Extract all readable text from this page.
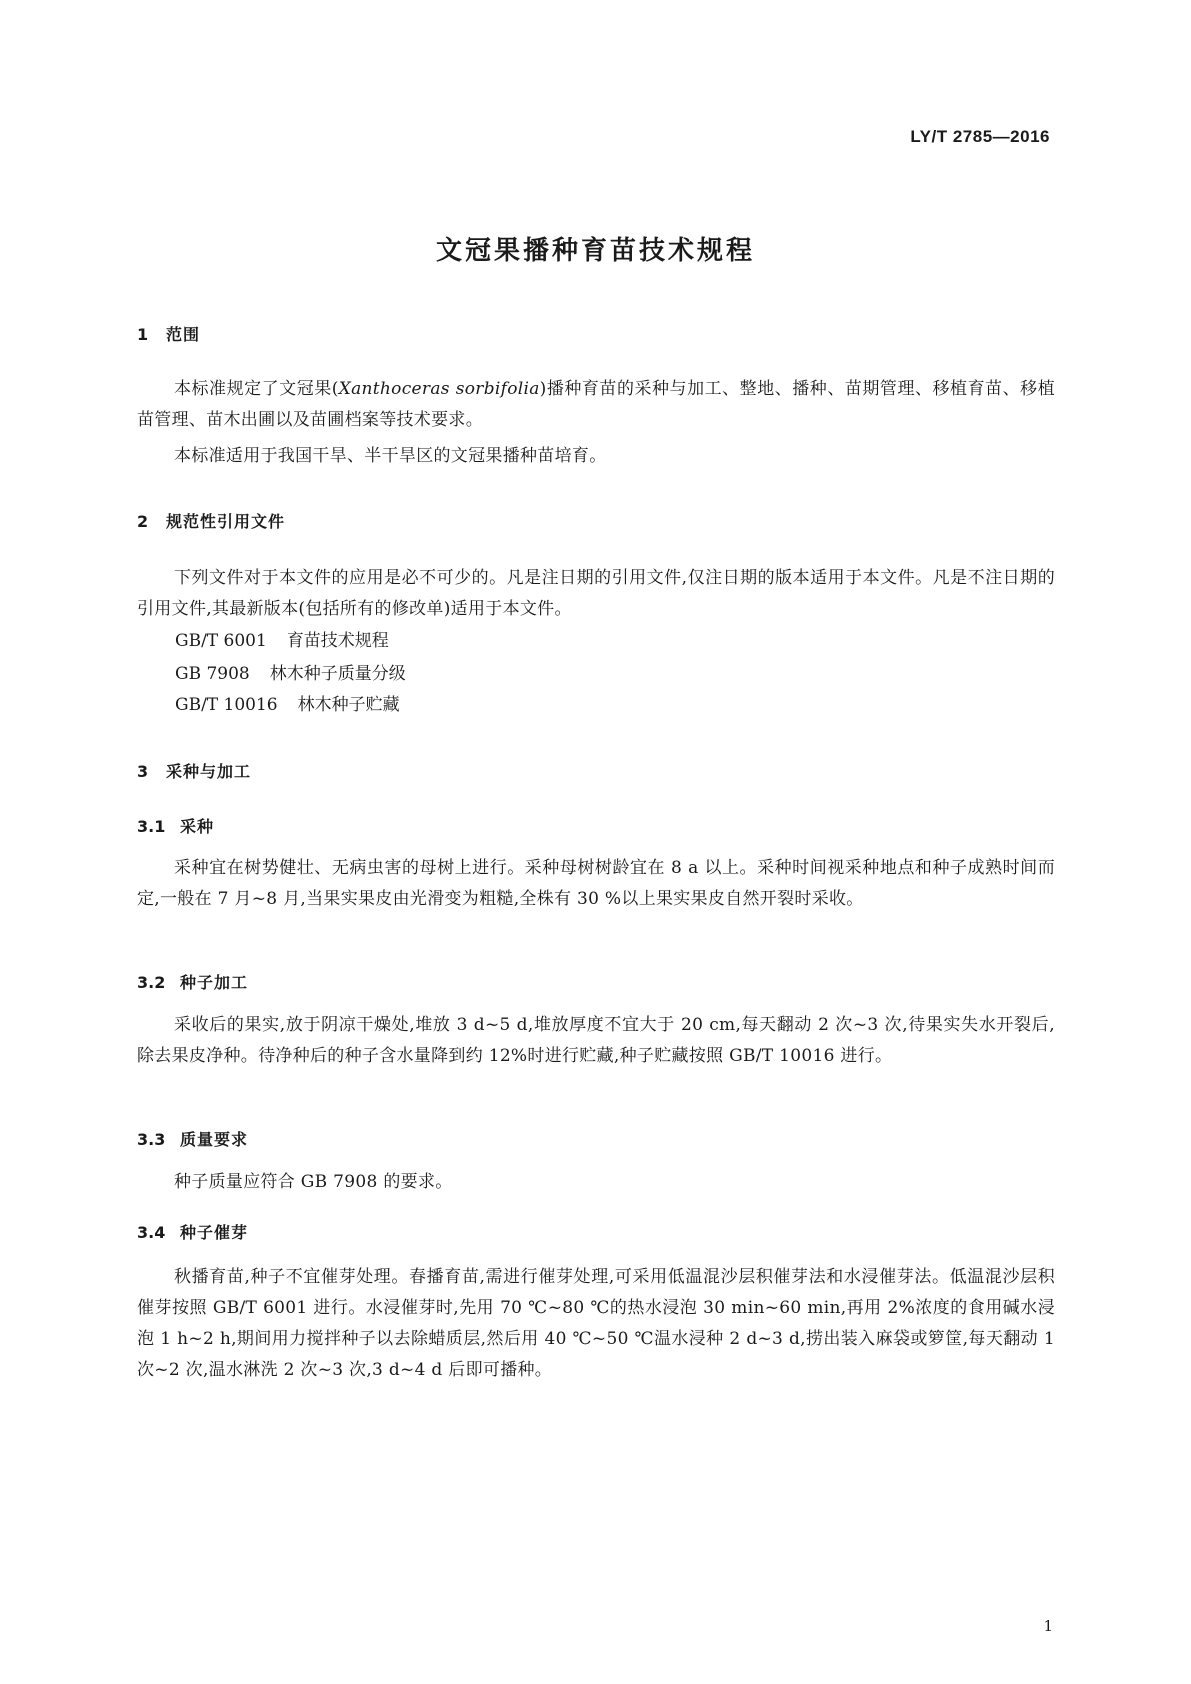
LY/T 2785—2016
文冠果播种育苗技术规程
1 范围
本标准规定了文冠果(Xanthoceras sorbifolia)播种育苗的采种与加工、整地、播种、苗期管理、移植育苗、移植苗管理、苗木出圃以及苗圃档案等技术要求。
本标准适用于我国干旱、半干旱区的文冠果播种苗培育。
2 规范性引用文件
下列文件对于本文件的应用是必不可少的。凡是注日期的引用文件,仅注日期的版本适用于本文件。凡是不注日期的引用文件,其最新版本(包括所有的修改单)适用于本文件。
GB/T 6001 育苗技术规程
GB 7908 林木种子质量分级
GB/T 10016 林木种子贮藏
3 采种与加工
3.1 采种
采种宜在树势健壮、无病虫害的母树上进行。采种母树树龄宜在 8 a 以上。采种时间视采种地点和种子成熟时间而定,一般在 7 月~8 月,当果实果皮由光滑变为粗糙,全株有 30 %以上果实果皮自然开裂时采收。
3.2 种子加工
采收后的果实,放于阴凉干燥处,堆放 3 d~5 d,堆放厚度不宜大于 20 cm,每天翻动 2 次~3 次,待果实失水开裂后,除去果皮净种。待净种后的种子含水量降到约 12%时进行贮藏,种子贮藏按照 GB/T 10016 进行。
3.3 质量要求
种子质量应符合 GB 7908 的要求。
3.4 种子催芽
秋播育苗,种子不宜催芽处理。春播育苗,需进行催芽处理,可采用低温混沙层积催芽法和水浸催芽法。低温混沙层积催芽按照 GB/T 6001 进行。水浸催芽时,先用 70 ℃~80 ℃的热水浸泡 30 min~60 min,再用 2%浓度的食用碱水浸泡 1 h~2 h,期间用力搅拌种子以去除蜡质层,然后用 40 ℃~50 ℃温水浸种 2 d~3 d,捞出装入麻袋或箩筐,每天翻动 1 次~2 次,温水淋洗 2 次~3 次,3 d~4 d 后即可播种。
1
